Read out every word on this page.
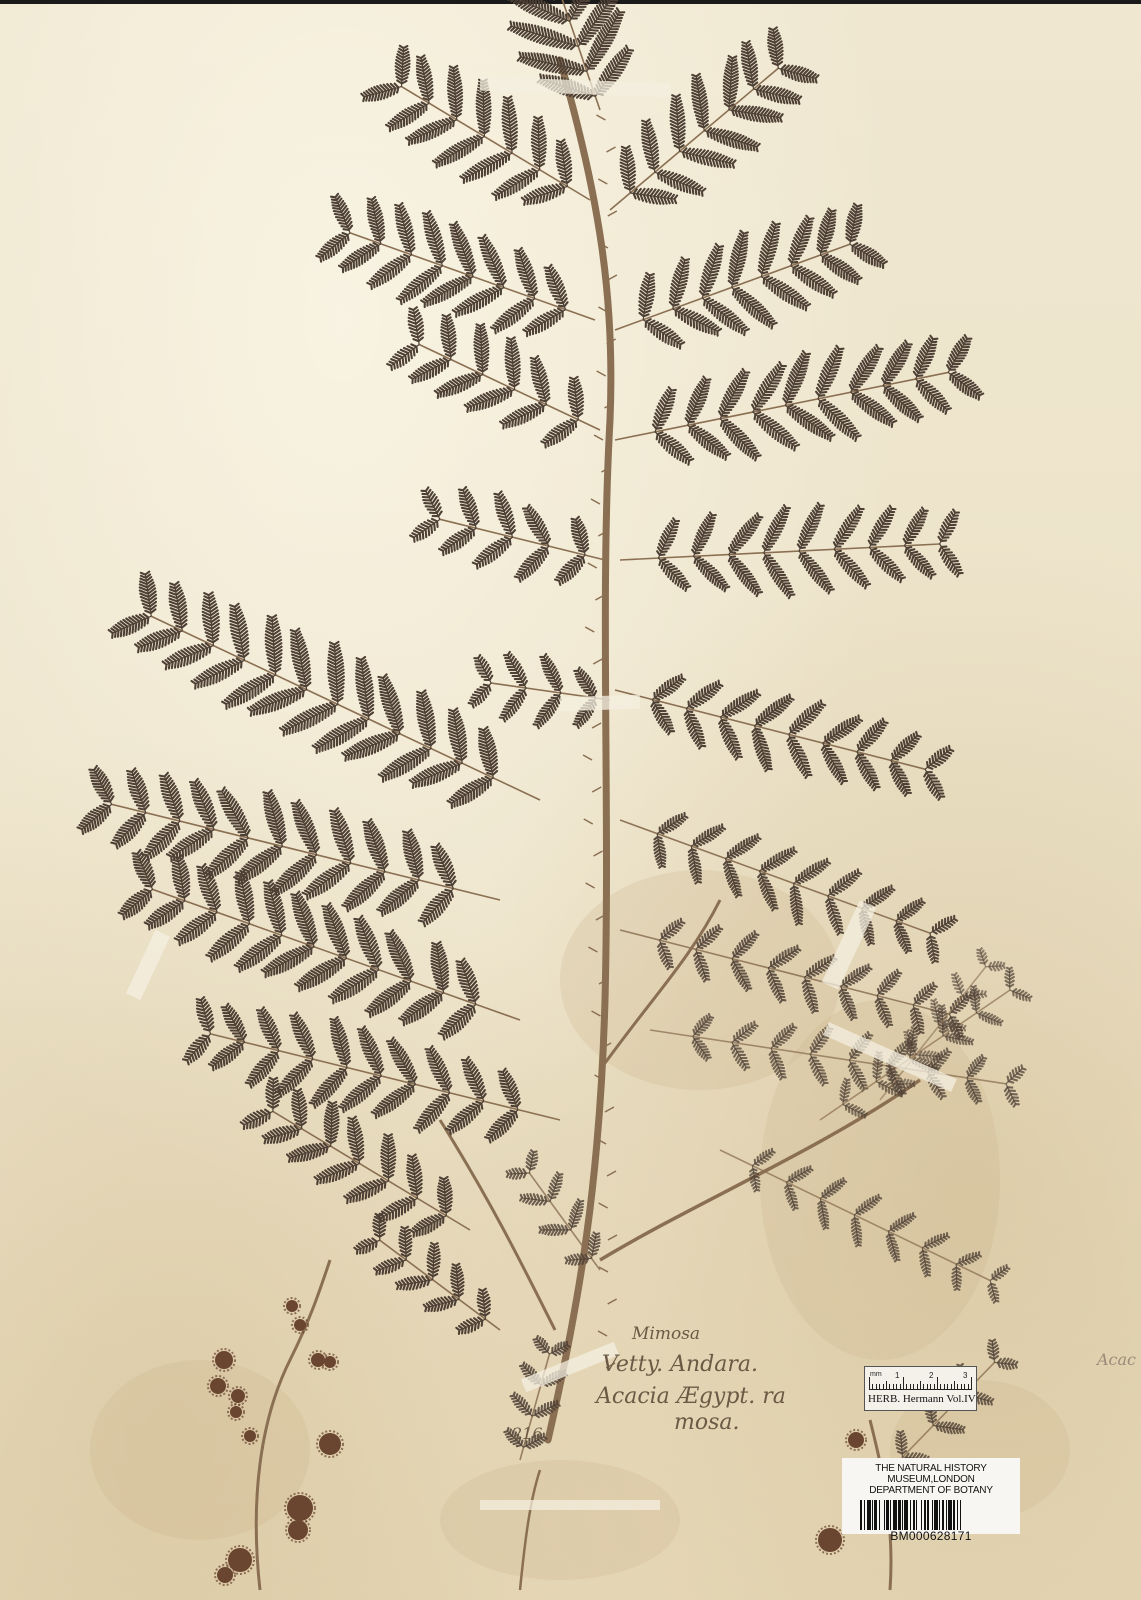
Mimosa
Vetty. Andara.
Acacia Ægypt. ra
mosa.
216
Acac
mm 1	2	3
HERB. Hermann Vol.IV
THE NATURAL HISTORY MUSEUM,LONDON
DEPARTMENT OF BOTANY
BM000628171
